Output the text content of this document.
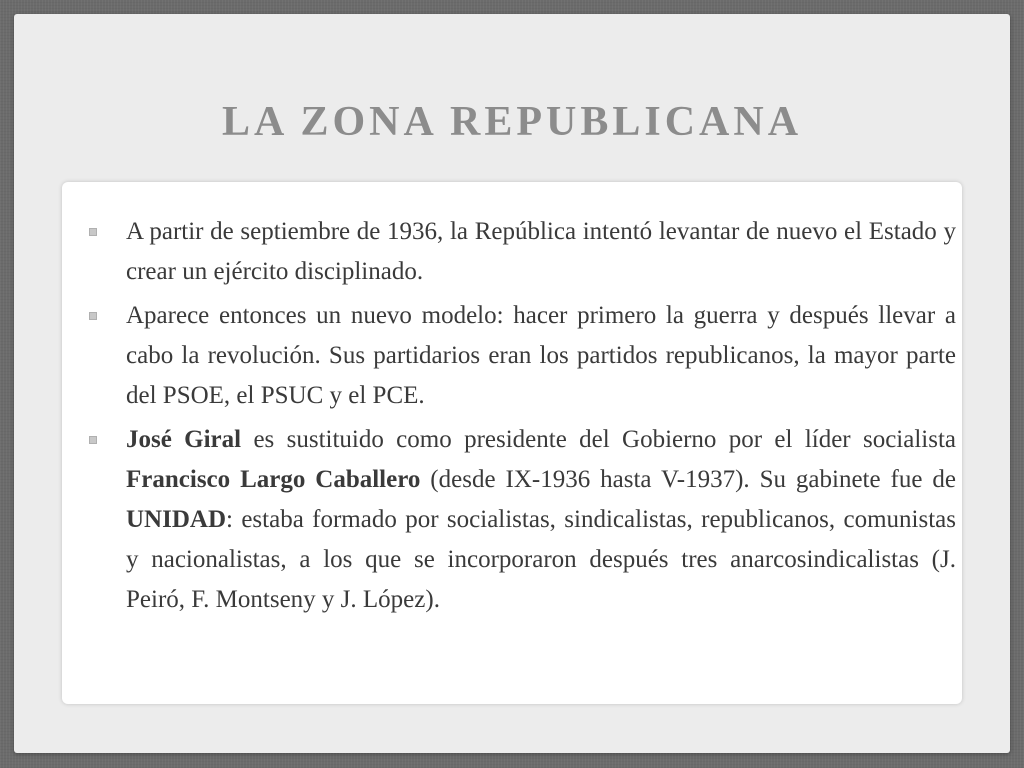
LA ZONA REPUBLICANA
A partir de septiembre de 1936, la República intentó levantar de nuevo el Estado y crear un ejército disciplinado.
Aparece entonces un nuevo modelo: hacer primero la guerra y después llevar a cabo la revolución. Sus partidarios eran los partidos republicanos, la mayor parte del PSOE, el PSUC y el PCE.
José Giral es sustituido como presidente del Gobierno por el líder socialista Francisco Largo Caballero (desde IX-1936 hasta V-1937). Su gabinete fue de UNIDAD: estaba formado por socialistas, sindicalistas, republicanos, comunistas y nacionalistas, a los que se incorporaron después tres anarcosindicalistas (J. Peiró, F. Montseny y J. López).
